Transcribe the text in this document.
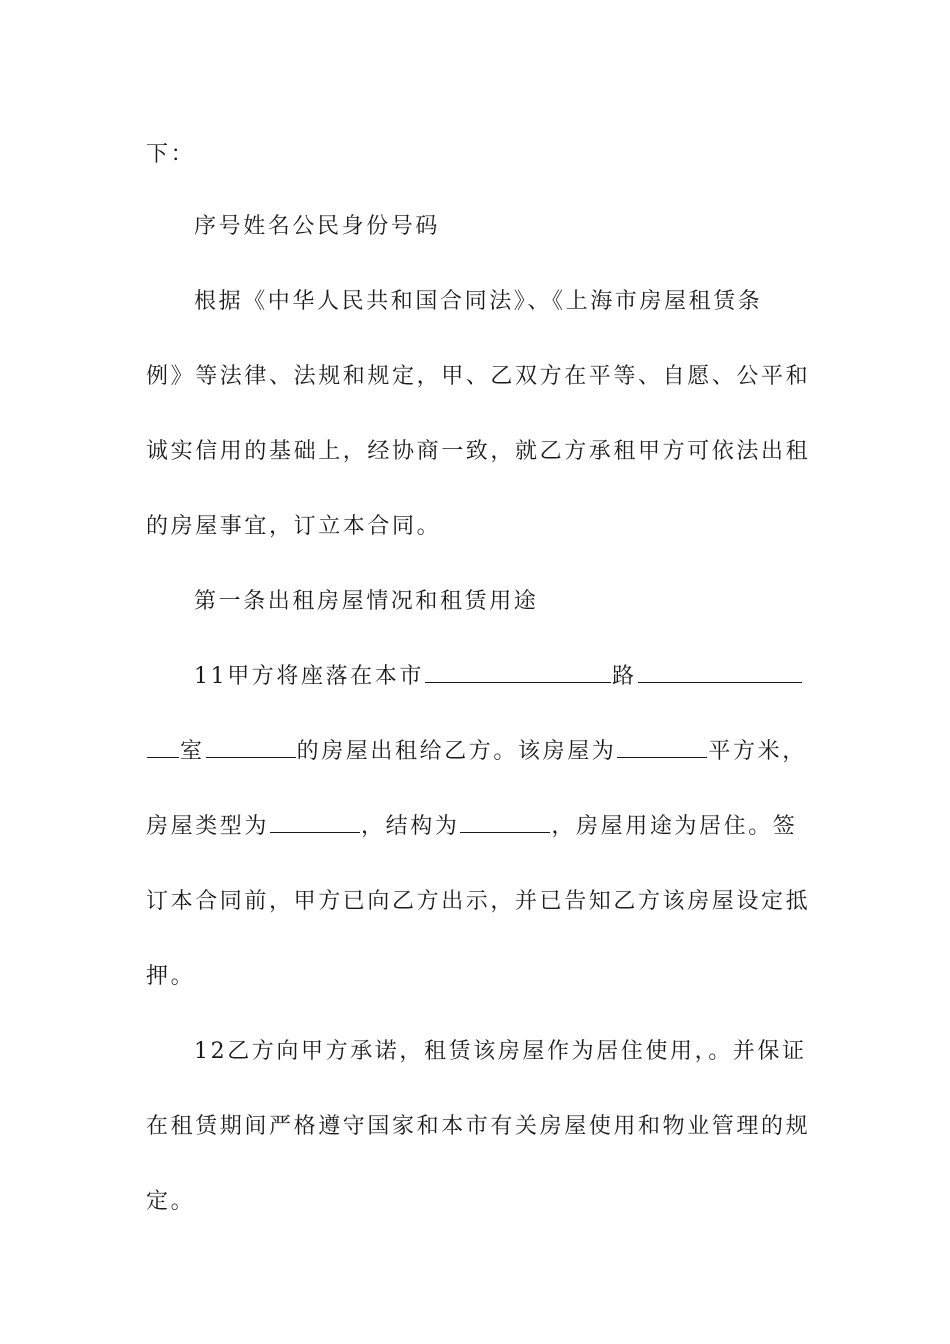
下：
序号姓名公民身份号码
根据《中华人民共和国合同法》、《上海市房屋租赁条
例》等法律、法规和规定，甲、乙双方在平等、自愿、公平和
诚实信用的基础上，经协商一致，就乙方承租甲方可依法出租
的房屋事宜，订立本合同。
第一条出租房屋情况和租赁用途
11甲方将座落在本市	路
室	的房屋出租给乙方。该房屋为	平方米，
房屋类型为	，结构为	，房屋用途为居住。签
订本合同前，甲方已向乙方出示，并已告知乙方该房屋设定抵
押。
12乙方向甲方承诺，租赁该房屋作为居住使用，。并保证
在租赁期间严格遵守国家和本市有关房屋使用和物业管理的规
定。
